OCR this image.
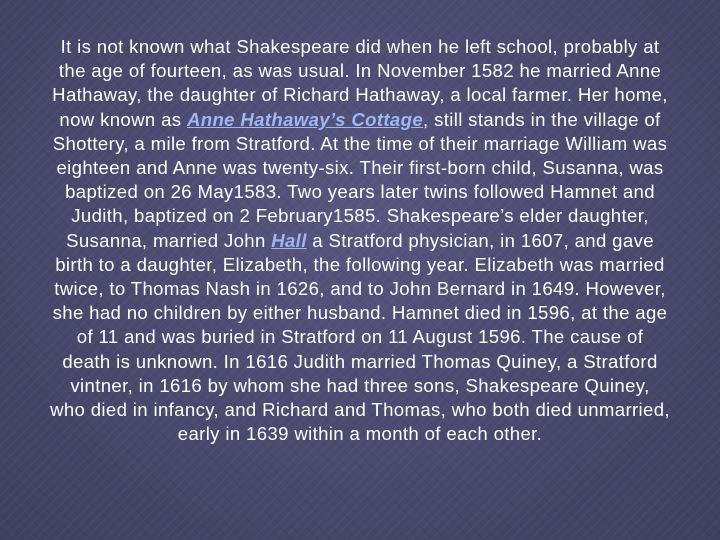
It is not known what Shakespeare did when he left school, probably at
the age of fourteen, as was usual. In November 1582 he married Anne
Hathaway, the daughter of Richard Hathaway, a local farmer. Her home,
now known as Anne Hathaway’s Cottage, still stands in the village of
Shottery, a mile from Stratford. At the time of their marriage William was
eighteen and Anne was twenty-six. Their first-born child, Susanna, was
baptized on 26 May1583. Two years later twins followed Hamnet and
Judith, baptized on 2 February1585. Shakespeare’s elder daughter,
Susanna, married John Hall a Stratford physician, in 1607, and gave
birth to a daughter, Elizabeth, the following year. Elizabeth was married
twice, to Thomas Nash in 1626, and to John Bernard in 1649. However,
she had no children by either husband. Hamnet died in 1596, at the age
of 11 and was buried in Stratford on 11 August 1596. The cause of
death is unknown. In 1616 Judith married Thomas Quiney, a Stratford
vintner, in 1616 by whom she had three sons, Shakespeare Quiney,
who died in infancy, and Richard and Thomas, who both died unmarried,
early in 1639 within a month of each other.
